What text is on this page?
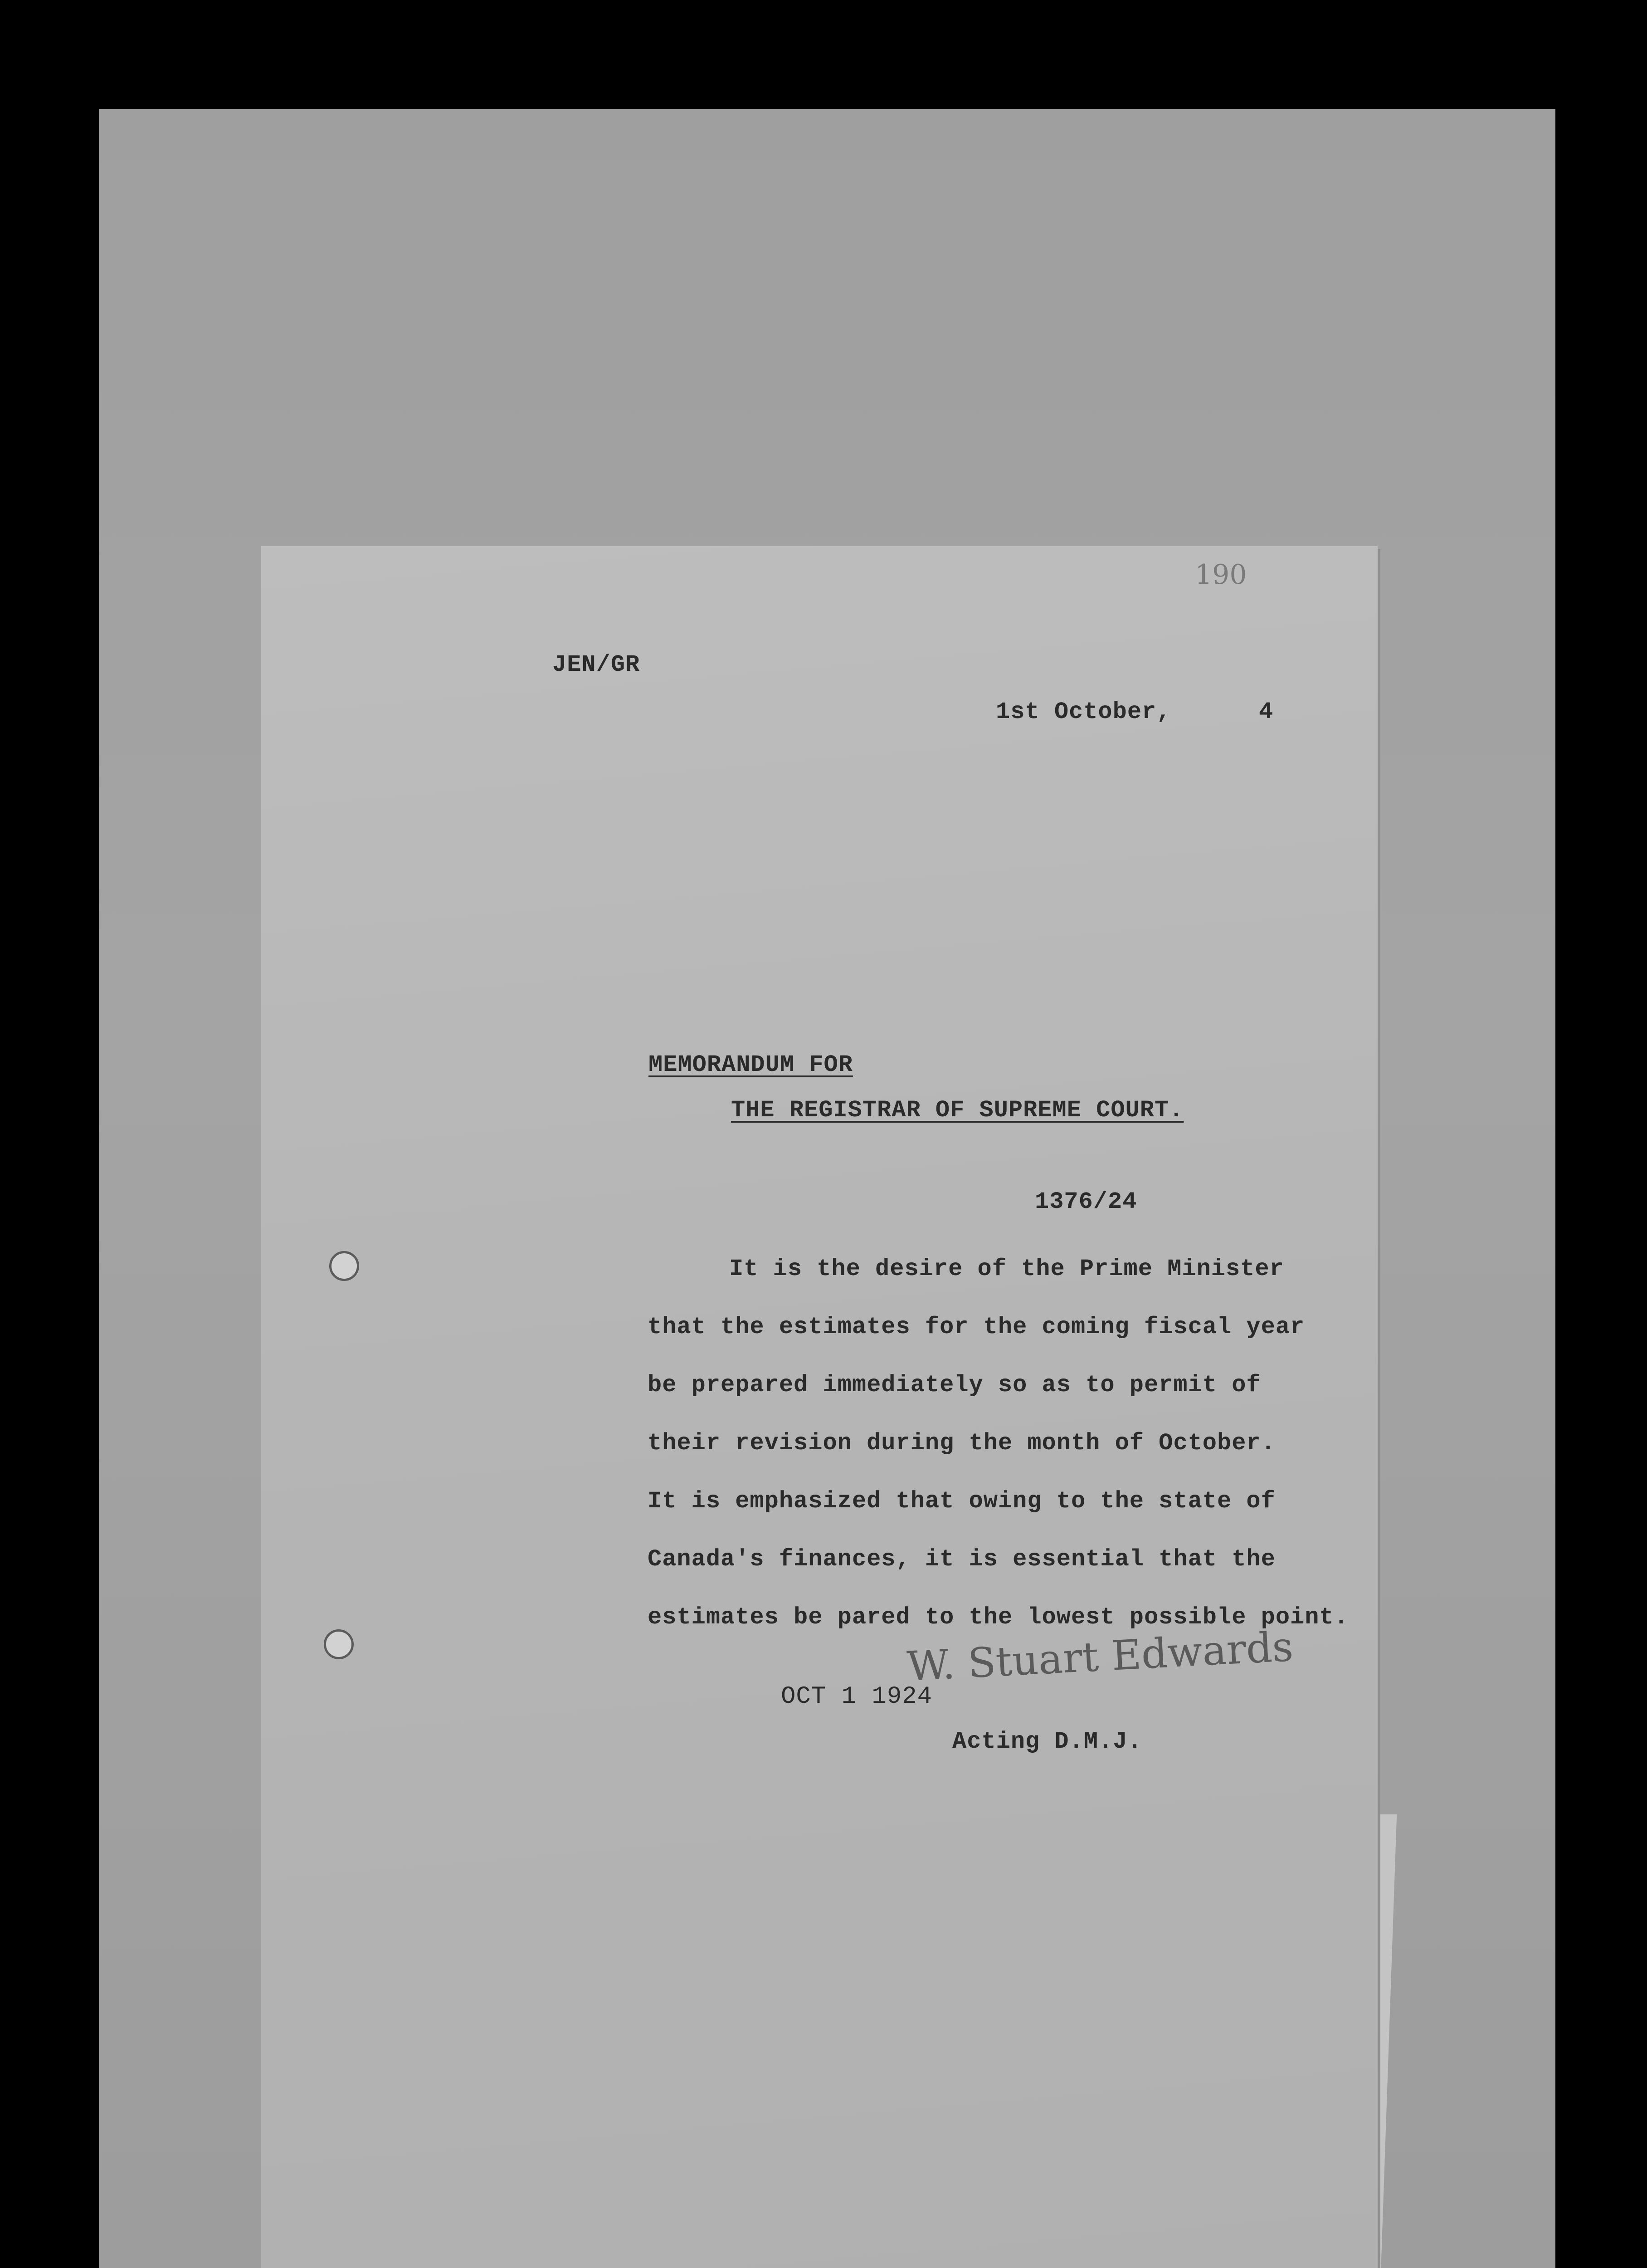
190
JEN/GR
1st October,	4
MEMORANDUM FOR
THE REGISTRAR OF SUPREME COURT.
1376/24
It is the desire of the Prime Minister
that the estimates for the coming fiscal year
be prepared immediately so as to permit of
their revision during the month of October.
It is emphasized that owing to the state of
Canada's finances, it is essential that the
estimates be pared to the lowest possible point.
W. Stuart Edwards
OCT 1 1924
Acting D.M.J.
